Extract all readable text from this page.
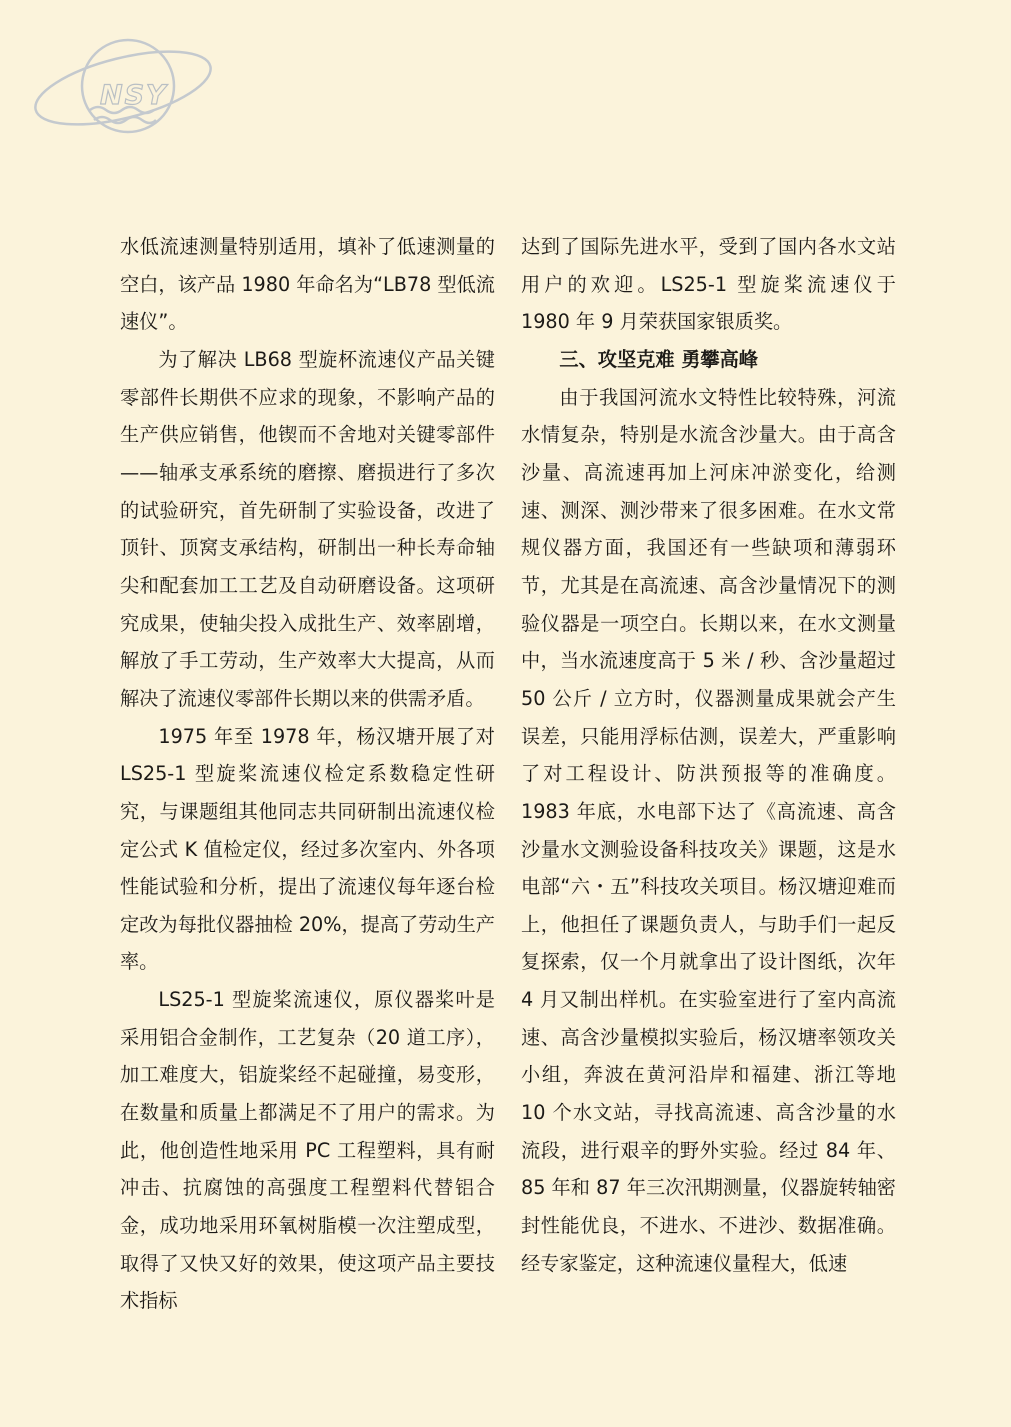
NSY

水低流速测量特别适用，填补了低速测量的空白，该产品 1980 年命名为“LB78 型低流速仪”。

为了解决 LB68 型旋杯流速仪产品关键零部件长期供不应求的现象，不影响产品的生产供应销售，他锲而不舍地对关键零部件——轴承支承系统的磨擦、磨损进行了多次的试验研究，首先研制了实验设备，改进了顶针、顶窝支承结构，研制出一种长寿命轴尖和配套加工工艺及自动研磨设备。这项研究成果，使轴尖投入成批生产、效率剧增，解放了手工劳动，生产效率大大提高，从而解决了流速仪零部件长期以来的供需矛盾。

1975 年至 1978 年，杨汉塘开展了对 LS25-1 型旋桨流速仪检定系数稳定性研究，与课题组其他同志共同研制出流速仪检定公式 K 值检定仪，经过多次室内、外各项性能试验和分析，提出了流速仪每年逐台检定改为每批仪器抽检 20%，提高了劳动生产率。

LS25-1 型旋桨流速仪，原仪器桨叶是采用铝合金制作，工艺复杂（20 道工序），加工难度大，铝旋桨经不起碰撞，易变形，在数量和质量上都满足不了用户的需求。为此，他创造性地采用 PC 工程塑料，具有耐冲击、抗腐蚀的高强度工程塑料代替铝合金，成功地采用环氧树脂模一次注塑成型，取得了又快又好的效果，使这项产品主要技术指标

达到了国际先进水平，受到了国内各水文站用户的欢迎。LS25-1 型旋桨流速仪于 1980 年 9 月荣获国家银质奖。

三、攻坚克难 勇攀高峰

由于我国河流水文特性比较特殊，河流水情复杂，特别是水流含沙量大。由于高含沙量、高流速再加上河床冲淤变化，给测速、测深、测沙带来了很多困难。在水文常规仪器方面，我国还有一些缺项和薄弱环节，尤其是在高流速、高含沙量情况下的测验仪器是一项空白。长期以来，在水文测量中，当水流速度高于 5 米 / 秒、含沙量超过 50 公斤 / 立方时，仪器测量成果就会产生误差，只能用浮标估测，误差大，严重影响了对工程设计、防洪预报等的准确度。1983 年底，水电部下达了《高流速、高含沙量水文测验设备科技攻关》课题，这是水电部“六・五”科技攻关项目。杨汉塘迎难而上，他担任了课题负责人，与助手们一起反复探索，仅一个月就拿出了设计图纸，次年 4 月又制出样机。在实验室进行了室内高流速、高含沙量模拟实验后，杨汉塘率领攻关小组，奔波在黄河沿岸和福建、浙江等地 10 个水文站，寻找高流速、高含沙量的水流段，进行艰辛的野外实验。经过 84 年、85 年和 87 年三次汛期测量，仪器旋转轴密封性能优良，不进水、不进沙、数据准确。经专家鉴定，这种流速仪量程大，低速
